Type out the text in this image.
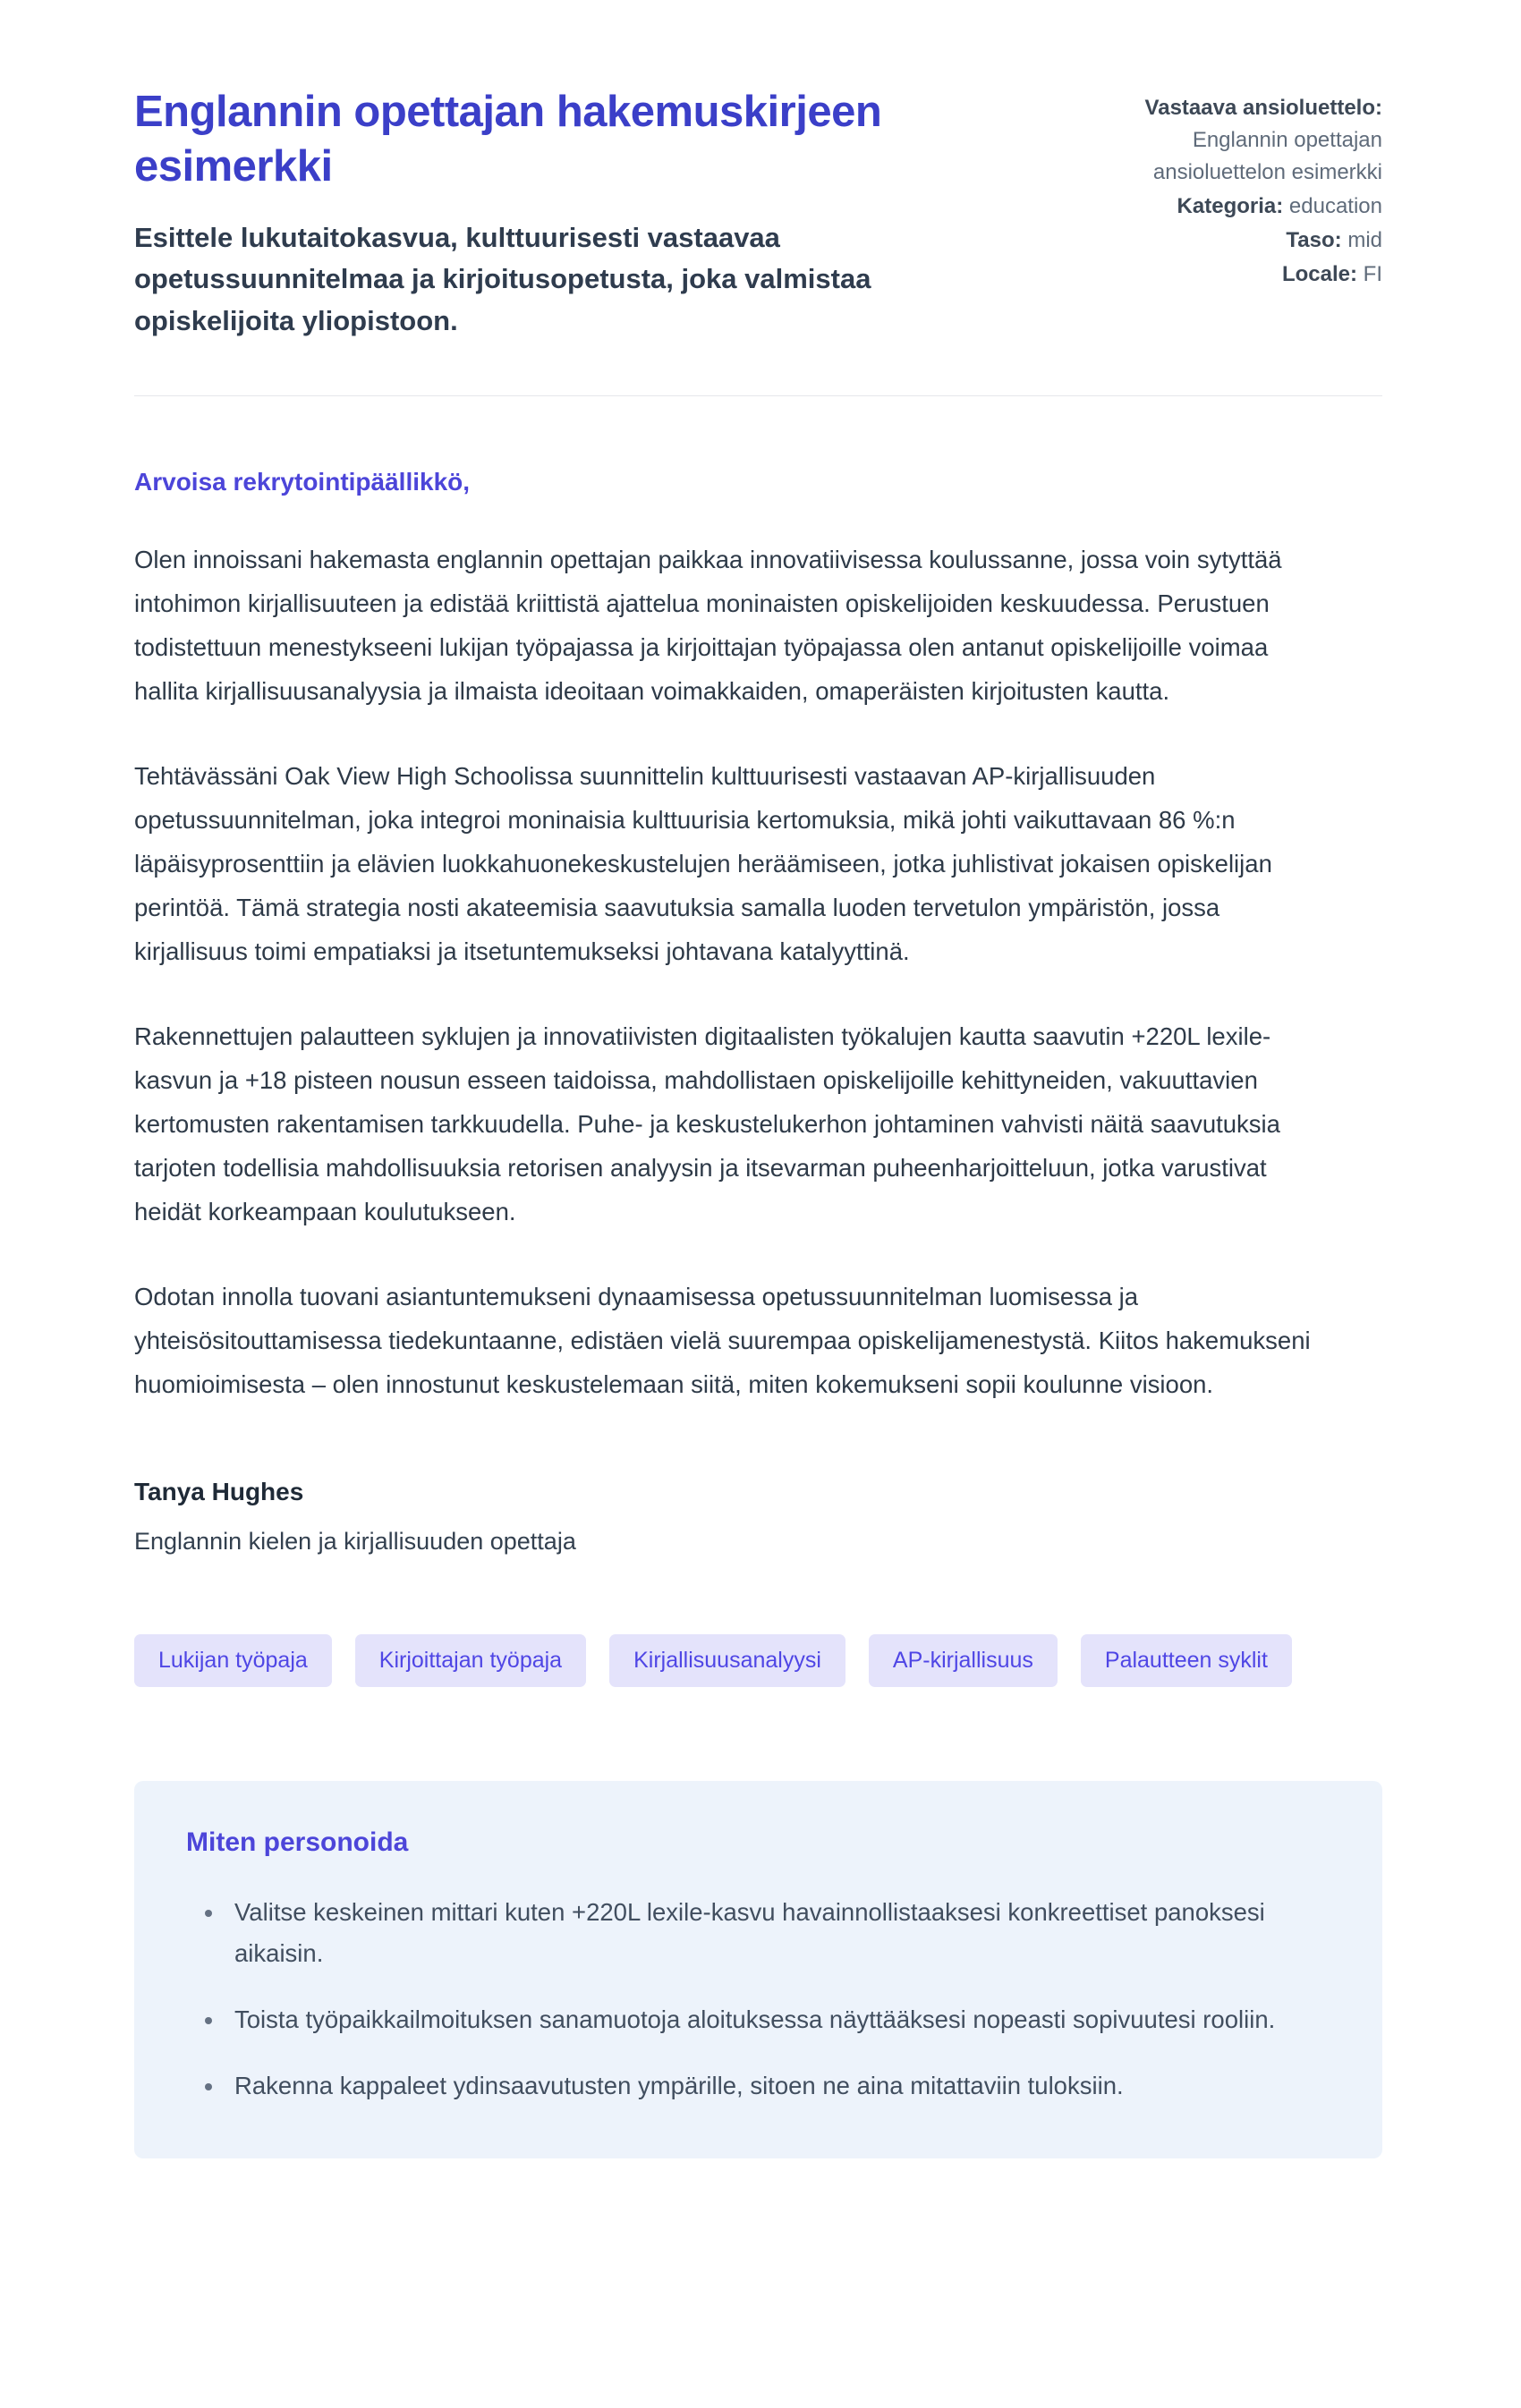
Englannin opettajan hakemuskirjeen esimerkki

Esittele lukutaitokasvua, kulttuurisesti vastaavaa opetussuunnitelmaa ja kirjoitusopetusta, joka valmistaa opiskelijoita yliopistoon.

Vastaava ansioluettelo: Englannin opettajan ansioluettelon esimerkki
Kategoria: education
Taso: mid
Locale: FI

Arvoisa rekrytointipäällikkö,

Olen innoissani hakemasta englannin opettajan paikkaa innovatiivisessa koulussanne, jossa voin sytyttää intohimon kirjallisuuteen ja edistää kriittistä ajattelua moninaisten opiskelijoiden keskuudessa. Perustuen todistettuun menestykseeni lukijan työpajassa ja kirjoittajan työpajassa olen antanut opiskelijoille voimaa hallita kirjallisuusanalyysia ja ilmaista ideoitaan voimakkaiden, omaperäisten kirjoitusten kautta.

Tehtävässäni Oak View High Schoolissa suunnittelin kulttuurisesti vastaavan AP-kirjallisuuden opetussuunnitelman, joka integroi moninaisia kulttuurisia kertomuksia, mikä johti vaikuttavaan 86 %:n läpäisyprosenttiin ja elävien luokkahuonekeskustelujen heräämiseen, jotka juhlistivat jokaisen opiskelijan perintöä. Tämä strategia nosti akateemisia saavutuksia samalla luoden tervetulon ympäristön, jossa kirjallisuus toimi empatiaksi ja itsetuntemukseksi johtavana katalyyttinä.

Rakennettujen palautteen syklujen ja innovatiivisten digitaalisten työkalujen kautta saavutin +220L lexile-kasvun ja +18 pisteen nousun esseen taidoissa, mahdollistaen opiskelijoille kehittyneiden, vakuuttavien kertomusten rakentamisen tarkkuudella. Puhe- ja keskustelukerhon johtaminen vahvisti näitä saavutuksia tarjoten todellisia mahdollisuuksia retorisen analyysin ja itsevarman puheenharjoitteluun, jotka varustivat heidät korkeampaan koulutukseen.

Odotan innolla tuovani asiantuntemukseni dynaamisessa opetussuunnitelman luomisessa ja yhteisösitouttamisessa tiedekuntaanne, edistäen vielä suurempaa opiskelijamenestystä. Kiitos hakemukseni huomioimisesta – olen innostunut keskustelemaan siitä, miten kokemukseni sopii koulunne visioon.

Tanya Hughes

Englannin kielen ja kirjallisuuden opettaja

Lukijan työpaja	Kirjoittajan työpaja	Kirjallisuusanalyysi	AP-kirjallisuus	Palautteen syklit
Miten personoida
• Valitse keskeinen mittari kuten +220L lexile-kasvu havainnollistaaksesi konkreettiset panoksesi aikaisin.
• Toista työpaikkailmoituksen sanamuotoja aloituksessa näyttääksesi nopeasti sopivuutesi rooliin.
• Rakenna kappaleet ydinsaavutusten ympärille, sitoen ne aina mitattaviin tuloksiin.
